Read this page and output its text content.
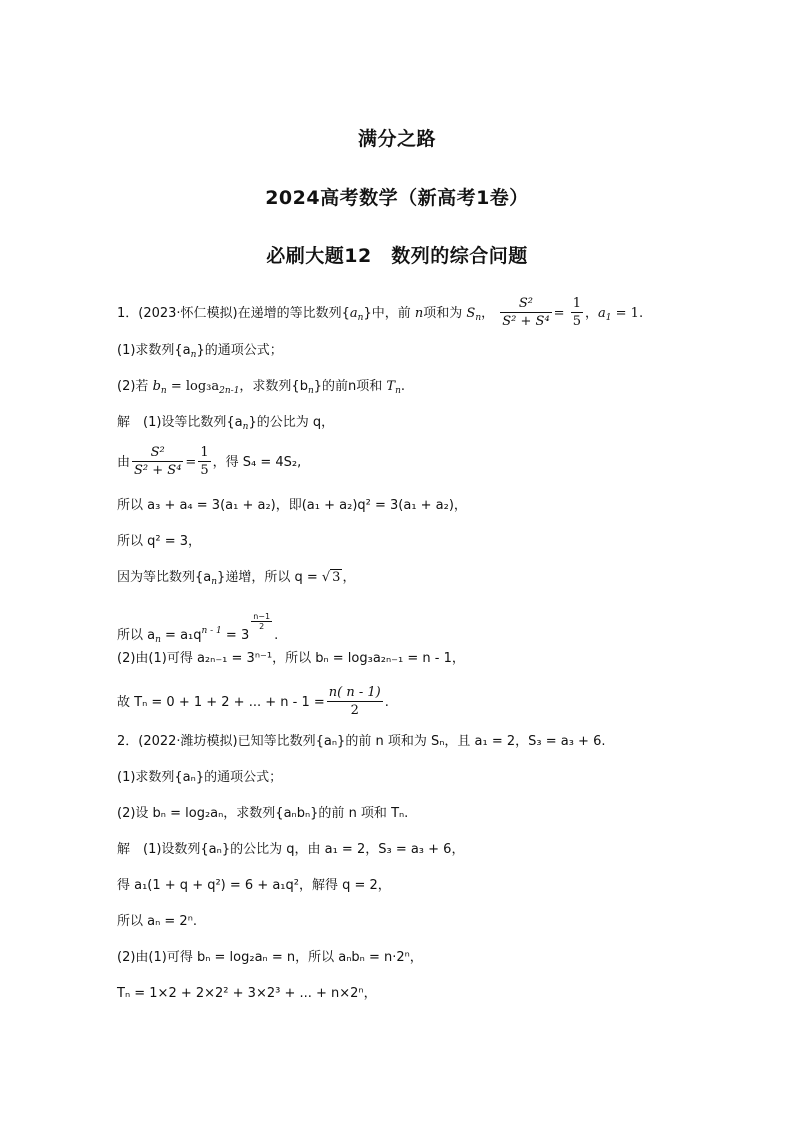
满分之路
2024高考数学（新高考1卷）
必刷大题12　数列的综合问题
1．(2023·怀仁模拟)在递增的等比数列$\{a_n\}$中，前 n项和为 $S_n$， $\frac{\text{S²}}{\text{S² + S⁴}} = \frac{1}{5}$ ，$a_1 = 1$.
(1)求数列$\{a_n\}$的通项公式；
(2)若 $b_n = \log_3a_{2n-1}$，求数列$\{b_n\}$的前n项和 $T_n$.
解　(1)设等比数列$\{a_n\}$的公比为 q，
由 $\frac{\text{S²}}{\text{S² + S⁴}} = \frac{1}{5}$ ，得 S₄ = 4S₂,
所以 a₃ + a₄ = 3(a₁ + a₂)，即(a₁ + a₂)q² = 3(a₁ + a₂)，
所以 q² = 3，
因为等比数列$\{a_n\}$递增，所以 q = √ 3 ，
所以 $a_n = a_1q^{n - 1} = 3$
$\frac{n-1}{2}$
.
(2)由(1)可得 a₂ₙ₋₁ = 3ⁿ⁻¹，所以 bₙ = log₃a₂ₙ₋₁ = n - 1，
故 Tₙ = 0 + 1 + 2 + ... + $n - 1 = \frac{n( n - 1)}{2}$ .
2．(2022·潍坊模拟)已知等比数列{aₙ}的前 n 项和为 Sₙ，且 a₁ = 2，S₃ = a₃ + 6.
(1)求数列{aₙ}的通项公式；
(2)设 bₙ = log₂aₙ，求数列{aₙbₙ}的前 n 项和 Tₙ.
解　(1)设数列{aₙ}的公比为 q，由 a₁ = 2，S₃ = a₃ + 6，
得 a₁(1 + q + q²) = 6 + a₁q²，解得 q = 2，
所以 aₙ = 2ⁿ.
(2)由(1)可得 bₙ = log₂aₙ = n，所以 aₙbₙ = n·2ⁿ，
Tₙ = 1×2 + 2×2² + 3×2³ + ... + n×2ⁿ，
